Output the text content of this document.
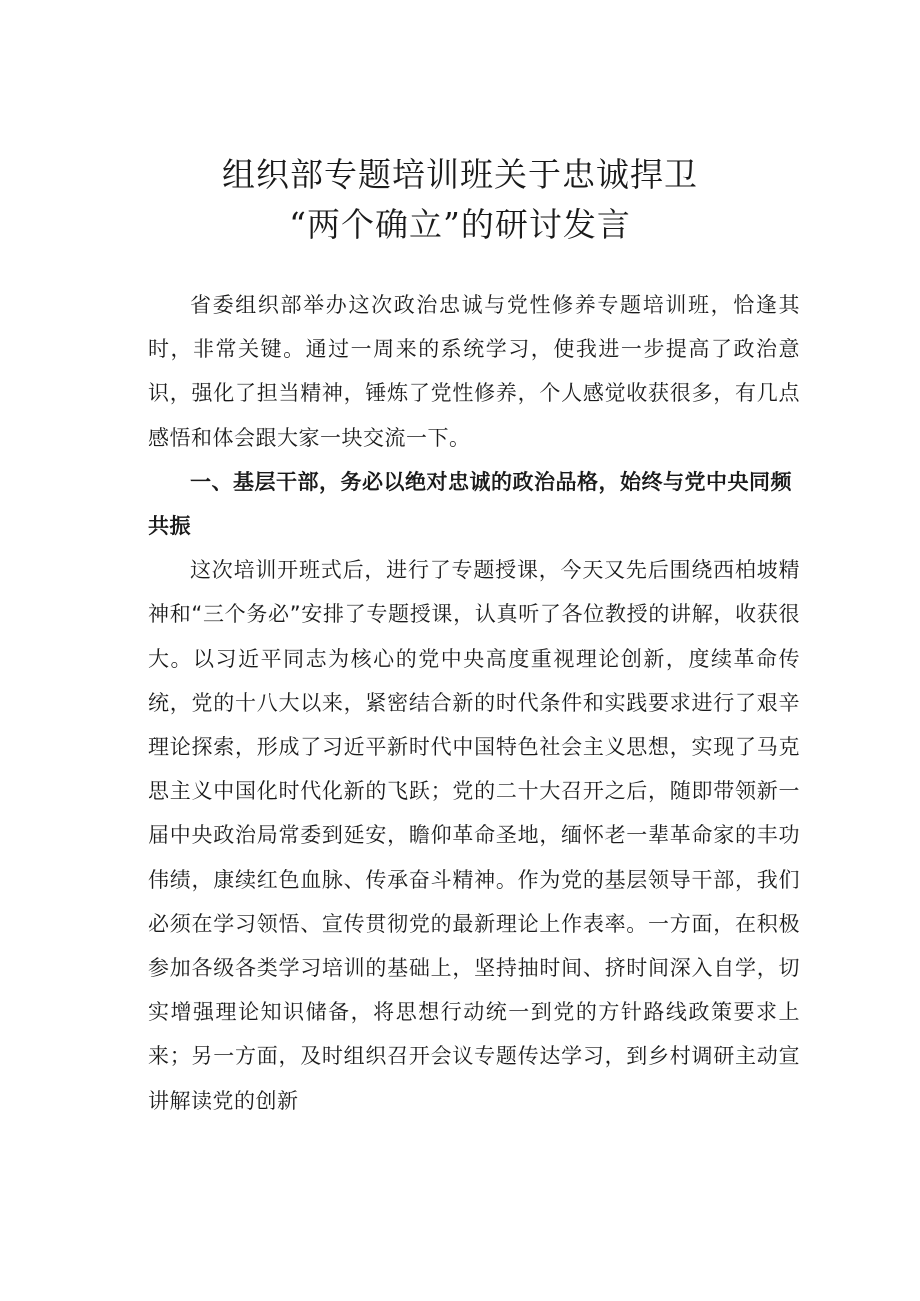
组织部专题培训班关于忠诚捍卫
“两个确立”的研讨发言

省委组织部举办这次政治忠诚与党性修养专题培训班，恰逢其时，非常关键。通过一周来的系统学习，使我进一步提高了政治意识，强化了担当精神，锤炼了党性修养，个人感觉收获很多，有几点感悟和体会跟大家一块交流一下。

一、基层干部，务必以绝对忠诚的政治品格，始终与党中央同频共振

这次培训开班式后，进行了专题授课，今天又先后围绕西柏坡精神和“三个务必”安排了专题授课，认真听了各位教授的讲解，收获很大。以习近平同志为核心的党中央高度重视理论创新，度续革命传统，党的十八大以来，紧密结合新的时代条件和实践要求进行了艰辛理论探索，形成了习近平新时代中国特色社会主义思想，实现了马克思主义中国化时代化新的飞跃；党的二十大召开之后，随即带领新一届中央政治局常委到延安，瞻仰革命圣地，缅怀老一辈革命家的丰功伟绩，康续红色血脉、传承奋斗精神。作为党的基层领导干部，我们必须在学习领悟、宣传贯彻党的最新理论上作表率。一方面，在积极参加各级各类学习培训的基础上，坚持抽时间、挤时间深入自学，切实增强理论知识储备，将思想行动统一到党的方针路线政策要求上来；另一方面，及时组织召开会议专题传达学习，到乡村调研主动宣讲解读党的创新
